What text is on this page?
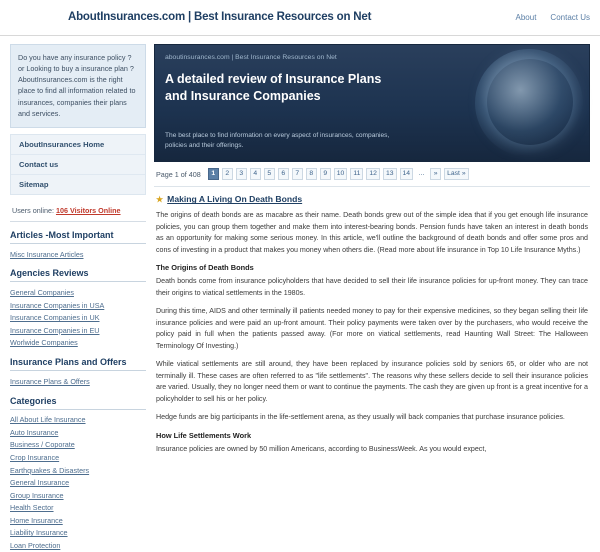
AboutInsurances.com | Best Insurance Resources on Net	About Contact Us
Do you have any insurance policy ? or Looking to buy a insurance plan ? AboutInsurances.com is the right place to find all information related to insurances, companies their plans and services.
AboutInsurances Home
Contact us
Sitemap
Users online: 106 Visitors Online
Articles -Most Important
Misc Insurance Articles
Agencies Reviews
General Companies
Insurance Companies in USA
Insurance Companies in UK
Insurance Companies in EU
Worlwide Companies
Insurance Plans and Offers
Insurance Plans & Offers
Categories
All About Life Insurance
Auto Insurance
Business / Coporate
Crop Insurance
Earthquakes & Disasters
General Insurance
Group Insurance
Health Sector
Home Insurance
Liability Insurance
Loan Protection
aboutinsurances.com | Best Insurance Resources on Net
A detailed review of Insurance Plans and Insurance Companies
The best place to find information on every aspect of insurances, companies, policies and their offerings.
Page 1 of 408	1	2	3	4	5	6	7	8	9	10	11	12	13	14	...	»	Last »
★ Making A Living On Death Bonds

The origins of death bonds are as macabre as their name. Death bonds grew out of the simple idea that if you get enough life insurance policies, you can group them together and make them into interest-bearing bonds. Pension funds have taken an interest in death bonds as an opportunity for making some serious money. In this article, we'll outline the background of death bonds and offer some pros and cons of investing in a product that makes you money when others die. (Read more about life insurance in Top 10 Life Insurance Myths.)

The Origins of Death Bonds

Death bonds come from insurance policyholders that have decided to sell their life insurance policies for up-front money. They can trace their origins to viatical settlements in the 1980s.

During this time, AIDS and other terminally ill patients needed money to pay for their expensive medicines, so they began selling their life insurance policies and were paid an up-front amount. Their policy payments were taken over by the purchasers, who would receive the policy paid in full when the patients passed away. (For more on viatical settlements, read Haunting Wall Street: The Halloween Terminology Of Investing.)

While viatical settlements are still around, they have been replaced by insurance policies sold by seniors 65, or older who are not terminally ill. These cases are often referred to as "life settlements". The reasons why these sellers decide to sell their insurance policies are varied. Usually, they no longer need them or want to continue the payments. The cash they are given up front is a great incentive for a policyholder to sell his or her policy.

Hedge funds are big participants in the life-settlement arena, as they usually will back companies that purchase insurance policies.

How Life Settlements Work

Insurance policies are owned by 50 million Americans, according to BusinessWeek. As you would expect,
